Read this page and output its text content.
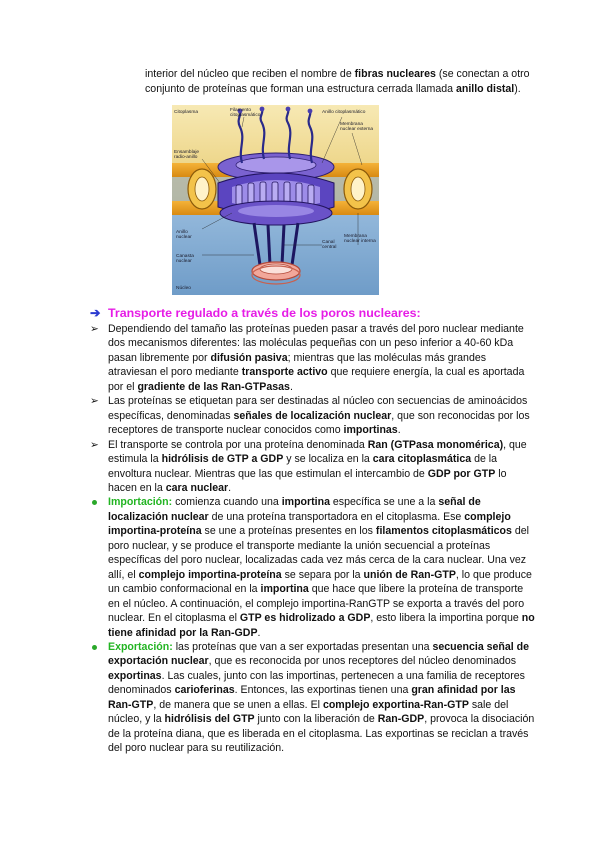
interior del núcleo que reciben el nombre de fibras nucleares (se conectan a otro conjunto de proteínas que forman una estructura cerrada llamada anillo distal).
Citoplasma	Filamento
citoplasmático
Anillo citoplasmático
Membrana
nuclear externa
Ensamblaje
radio-anillo
Anillo
nuclear
Canasta
nuclear
Canal
central
Membrana
nuclear interna
Núcleo
➔ Transporte regulado a través de los poros nucleares:
➢ Dependiendo del tamaño las proteínas pueden pasar a través del poro nuclear mediante dos mecanismos diferentes: las moléculas pequeñas con un peso inferior a 40-60 kDa pasan libremente por difusión pasiva; mientras que las moléculas más grandes atraviesan el poro mediante transporte activo que requiere energía, la cual es aportada por el gradiente de las Ran-GTPasas.
➢ Las proteínas se etiquetan para ser destinadas al núcleo con secuencias de aminoácidos específicas, denominadas señales de localización nuclear, que son reconocidas por los receptores de transporte nuclear conocidos como importinas.
➢ El transporte se controla por una proteína denominada Ran (GTPasa monomérica), que estimula la hidrólisis de GTP a GDP y se localiza en la cara citoplasmática de la envoltura nuclear. Mientras que las que estimulan el intercambio de GDP por GTP lo hacen en la cara nuclear.
Importación: comienza cuando una importina específica se une a la señal de localización nuclear de una proteína transportadora en el citoplasma. Ese complejo importina-proteína se une a proteínas presentes en los filamentos citoplasmáticos del poro nuclear, y se produce el transporte mediante la unión secuencial a proteínas específicas del poro nuclear, localizadas cada vez más cerca de la cara nuclear. Una vez allí, el complejo importina-proteína se separa por la unión de Ran-GTP, lo que produce un cambio conformacional en la importina que hace que libere la proteína de transporte en el núcleo. A continuación, el complejo importina-RanGTP se exporta a través del poro nuclear. En el citoplasma el GTP es hidrolizado a GDP, esto libera la importina porque no tiene afinidad por la Ran-GDP.
Exportación: las proteínas que van a ser exportadas presentan una secuencia señal de exportación nuclear, que es reconocida por unos receptores del núcleo denominados exportinas. Las cuales, junto con las importinas, pertenecen a una familia de receptores denominados carioferinas. Entonces, las exportinas tienen una gran afinidad por las Ran-GTP, de manera que se unen a ellas. El complejo exportina-Ran-GTP sale del núcleo, y la hidrólisis del GTP junto con la liberación de Ran-GDP, provoca la disociación de la proteína diana, que es liberada en el citoplasma. Las exportinas se reciclan a través del poro nuclear para su reutilización.
